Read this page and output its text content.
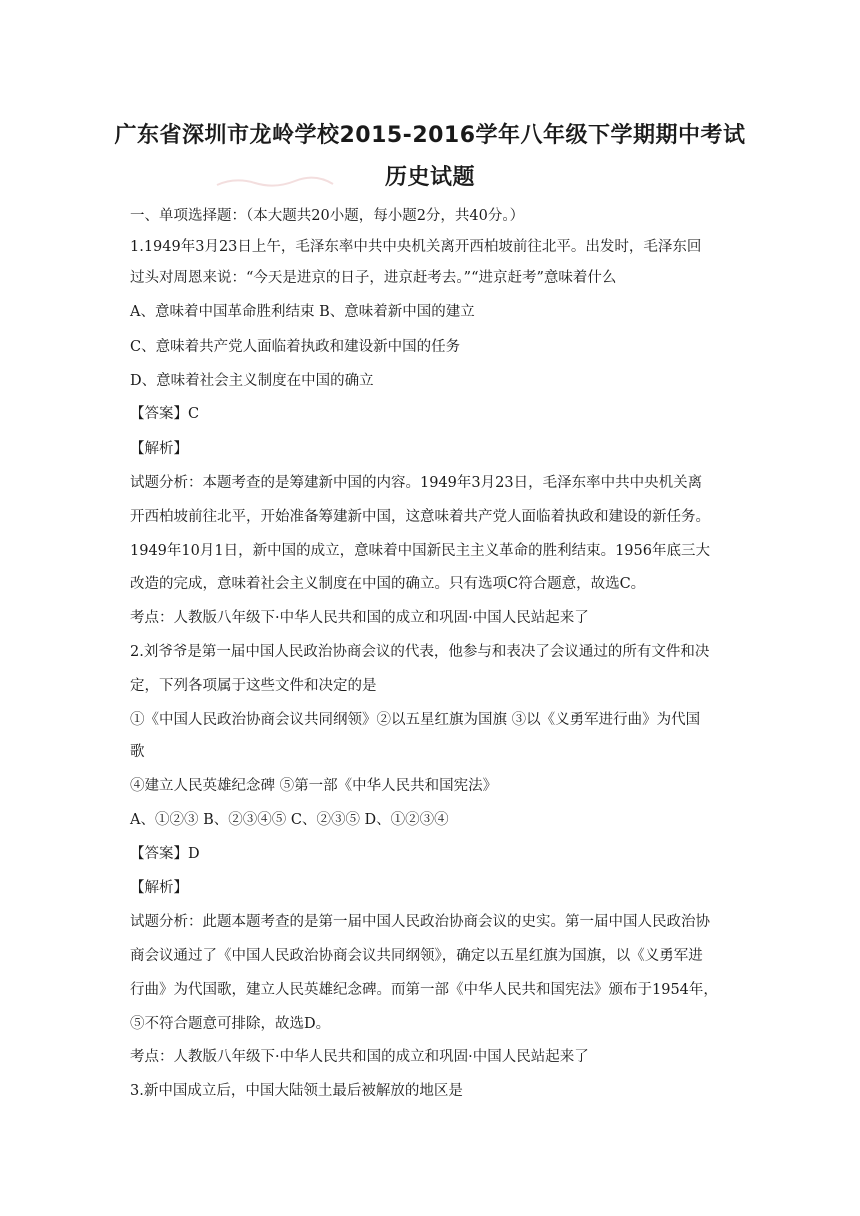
广东省深圳市龙岭学校2015-2016学年八年级下学期期中考试
历史试题
一、单项选择题：（本大题共20小题，每小题2分，共40分。）
1.1949年3月23日上午，毛泽东率中共中央机关离开西柏坡前往北平。出发时，毛泽东回
过头对周恩来说：“今天是进京的日子，进京赶考去。”“进京赶考”意味着什么
A、意味着中国革命胜利结束 B、意味着新中国的建立
C、意味着共产党人面临着执政和建设新中国的任务
D、意味着社会主义制度在中国的确立
【答案】C
【解析】
试题分析：本题考查的是筹建新中国的内容。1949年3月23日，毛泽东率中共中央机关离
开西柏坡前往北平，开始准备筹建新中国，这意味着共产党人面临着执政和建设的新任务。
1949年10月1日，新中国的成立，意味着中国新民主主义革命的胜利结束。1956年底三大
改造的完成，意味着社会主义制度在中国的确立。只有选项C符合题意，故选C。
考点：人教版八年级下·中华人民共和国的成立和巩固·中国人民站起来了
2.刘爷爷是第一届中国人民政治协商会议的代表，他参与和表决了会议通过的所有文件和决
定，下列各项属于这些文件和决定的是
①《中国人民政治协商会议共同纲领》②以五星红旗为国旗 ③以《义勇军进行曲》为代国
歌
④建立人民英雄纪念碑 ⑤第一部《中华人民共和国宪法》
A、①②③ B、②③④⑤ C、②③⑤ D、①②③④
【答案】D
【解析】
试题分析：此题本题考查的是第一届中国人民政治协商会议的史实。第一届中国人民政治协
商会议通过了《中国人民政治协商会议共同纲领》，确定以五星红旗为国旗，以《义勇军进
行曲》为代国歌，建立人民英雄纪念碑。而第一部《中华人民共和国宪法》颁布于1954年，
⑤不符合题意可排除，故选D。
考点：人教版八年级下·中华人民共和国的成立和巩固·中国人民站起来了
3.新中国成立后，中国大陆领土最后被解放的地区是
